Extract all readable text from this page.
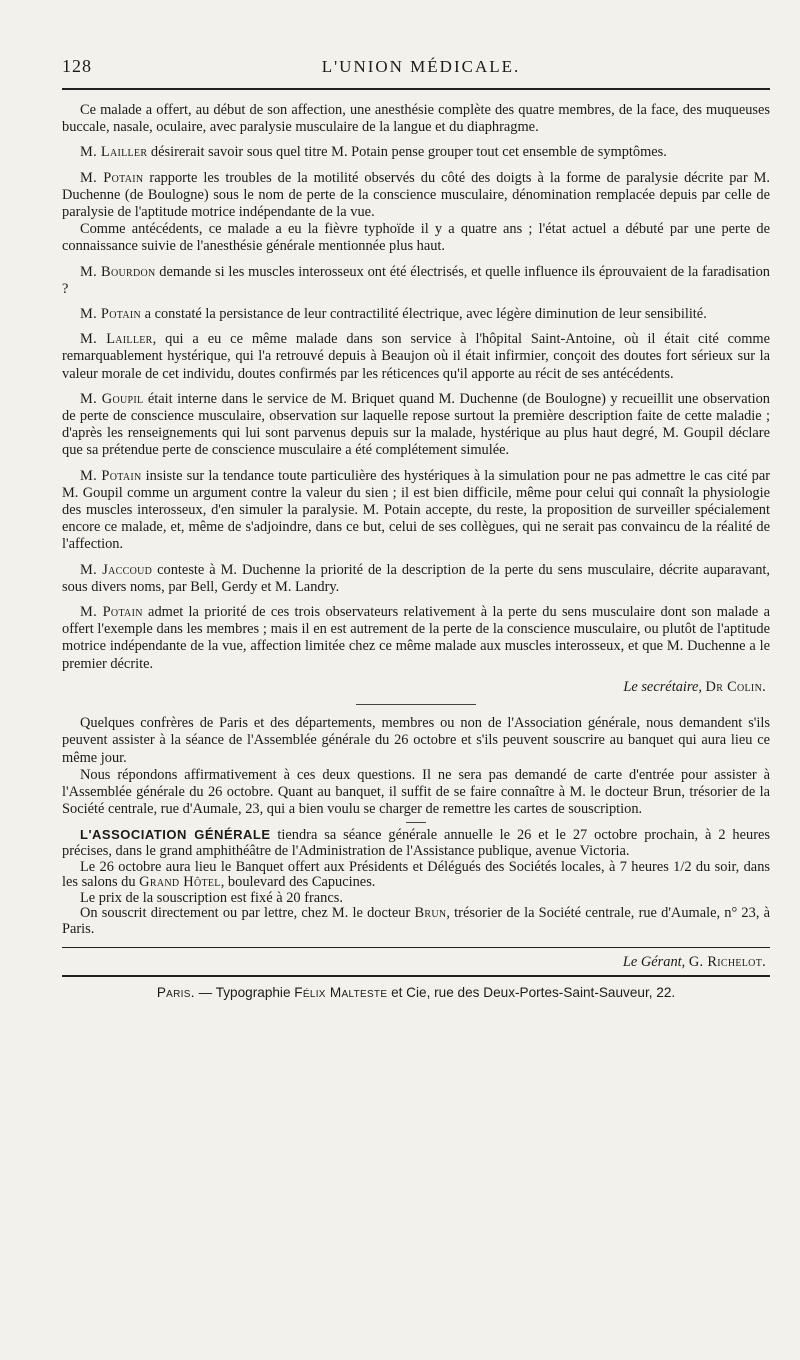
128	L'UNION MÉDICALE.

Ce malade a offert, au début de son affection, une anesthésie complète des quatre membres, de la face, des muqueuses buccale, nasale, oculaire, avec paralysie musculaire de la langue et du diaphragme.

M. Lailler désirerait savoir sous quel titre M. Potain pense grouper tout cet ensemble de symptômes.

M. Potain rapporte les troubles de la motilité observés du côté des doigts à la forme de paralysie décrite par M. Duchenne (de Boulogne) sous le nom de perte de la conscience musculaire, dénomination remplacée depuis par celle de paralysie de l'aptitude motrice indépendante de la vue.

Comme antécédents, ce malade a eu la fièvre typhoïde il y a quatre ans ; l'état actuel a débuté par une perte de connaissance suivie de l'anesthésie générale mentionnée plus haut.

M. Bourdon demande si les muscles interosseux ont été électrisés, et quelle influence ils éprouvaient de la faradisation ?

M. Potain a constaté la persistance de leur contractilité électrique, avec légère diminution de leur sensibilité.

M. Lailler, qui a eu ce même malade dans son service à l'hôpital Saint-Antoine, où il était cité comme remarquablement hystérique, qui l'a retrouvé depuis à Beaujon où il était infirmier, conçoit des doutes fort sérieux sur la valeur morale de cet individu, doutes confirmés par les réticences qu'il apporte au récit de ses antécédents.

M. Goupil était interne dans le service de M. Briquet quand M. Duchenne (de Boulogne) y recueillit une observation de perte de conscience musculaire, observation sur laquelle repose surtout la première description faite de cette maladie ; d'après les renseignements qui lui sont parvenus depuis sur la malade, hystérique au plus haut degré, M. Goupil déclare que sa prétendue perte de conscience musculaire a été complétement simulée.

M. Potain insiste sur la tendance toute particulière des hystériques à la simulation pour ne pas admettre le cas cité par M. Goupil comme un argument contre la valeur du sien ; il est bien difficile, même pour celui qui connaît la physiologie des muscles interosseux, d'en simuler la paralysie. M. Potain accepte, du reste, la proposition de surveiller spécialement encore ce malade, et, même de s'adjoindre, dans ce but, celui de ses collègues, qui ne serait pas convaincu de la réalité de l'affection.

M. Jaccoud conteste à M. Duchenne la priorité de la description de la perte du sens musculaire, décrite auparavant, sous divers noms, par Bell, Gerdy et M. Landry.

M. Potain admet la priorité de ces trois observateurs relativement à la perte du sens musculaire dont son malade a offert l'exemple dans les membres ; mais il en est autrement de la perte de la conscience musculaire, ou plutôt de l'aptitude motrice indépendante de la vue, affection limitée chez ce même malade aux muscles interosseux, et que M. Duchenne a le premier décrite.

Le secrétaire, Dr Colin.

Quelques confrères de Paris et des départements, membres ou non de l'Association générale, nous demandent s'ils peuvent assister à la séance de l'Assemblée générale du 26 octobre et s'ils peuvent souscrire au banquet qui aura lieu ce même jour.

Nous répondons affirmativement à ces deux questions. Il ne sera pas demandé de carte d'entrée pour assister à l'Assemblée générale du 26 octobre. Quant au banquet, il suffit de se faire connaître à M. le docteur Brun, trésorier de la Société centrale, rue d'Aumale, 23, qui a bien voulu se charger de remettre les cartes de souscription.

L'ASSOCIATION GÉNÉRALE tiendra sa séance générale annuelle le 26 et le 27 octobre prochain, à 2 heures précises, dans le grand amphithéâtre de l'Administration de l'Assistance publique, avenue Victoria.

Le 26 octobre aura lieu le Banquet offert aux Présidents et Délégués des Sociétés locales, à 7 heures 1/2 du soir, dans les salons du Grand Hôtel, boulevard des Capucines.

Le prix de la souscription est fixé à 20 francs.

On souscrit directement ou par lettre, chez M. le docteur Brun, trésorier de la Société centrale, rue d'Aumale, n° 23, à Paris.

Le Gérant, G. Richelot.
Paris. — Typographie Félix Malteste et Cie, rue des Deux-Portes-Saint-Sauveur, 22.
